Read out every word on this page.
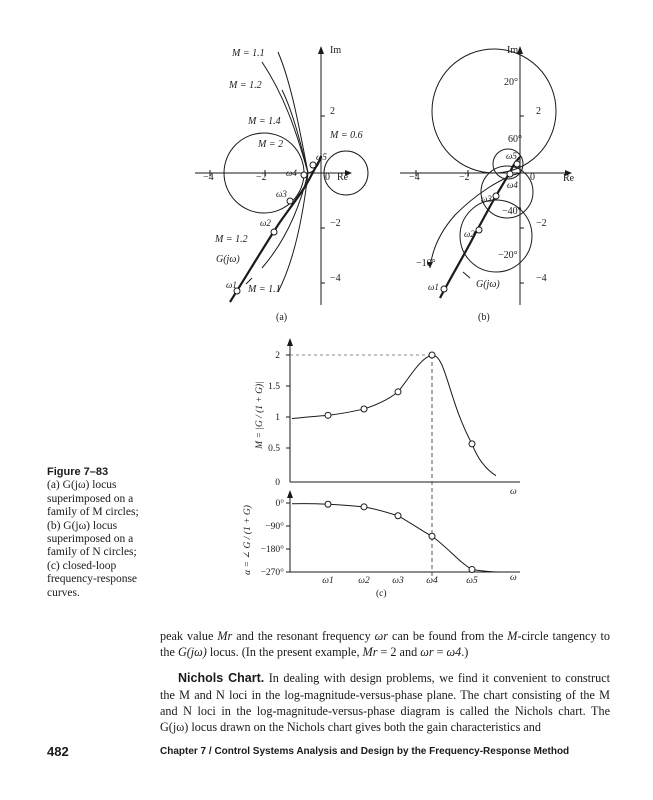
Im
Re
−4	−2	0
2
−2
−4
M = 1.1
M = 1.2
M = 1.4
M = 2
M = 0.6
M = 1.2
M = 1.1
G(jω)
ω1
ω2
ω3
ω4
ω5
(a)
Im
Re
−4	−2	0
2
−2
−4
20°
60°
−40°
−20°
−10°
G(jω)
ω1
ω2
ω3
ω4
ω5
(b)
2
1.5
1
0.5
0
0°
−90°
−180°
−270°
M = |G / (1 + G)|
α = ∠ G / (1 + G)
ω
ω
ω1	ω2 ω3 ω4	ω5
(c)
Figure 7–83
(a) G(jω) locus
superimposed on a
family of M circles;
(b) G(jω) locus
superimposed on a
family of N circles;
(c) closed-loop
frequency-response
curves.

peak value Mr and the resonant frequency ωr can be found from the M-circle tangency to the G(jω) locus. (In the present example, Mr = 2 and ωr = ω4.)

Nichols Chart. In dealing with design problems, we find it convenient to construct the M and N loci in the log-magnitude-versus-phase plane. The chart consisting of the M and N loci in the log-magnitude-versus-phase diagram is called the Nichols chart. The G(jω) locus drawn on the Nichols chart gives both the gain characteristics and

482	Chapter 7 / Control Systems Analysis and Design by the Frequency-Response Method
